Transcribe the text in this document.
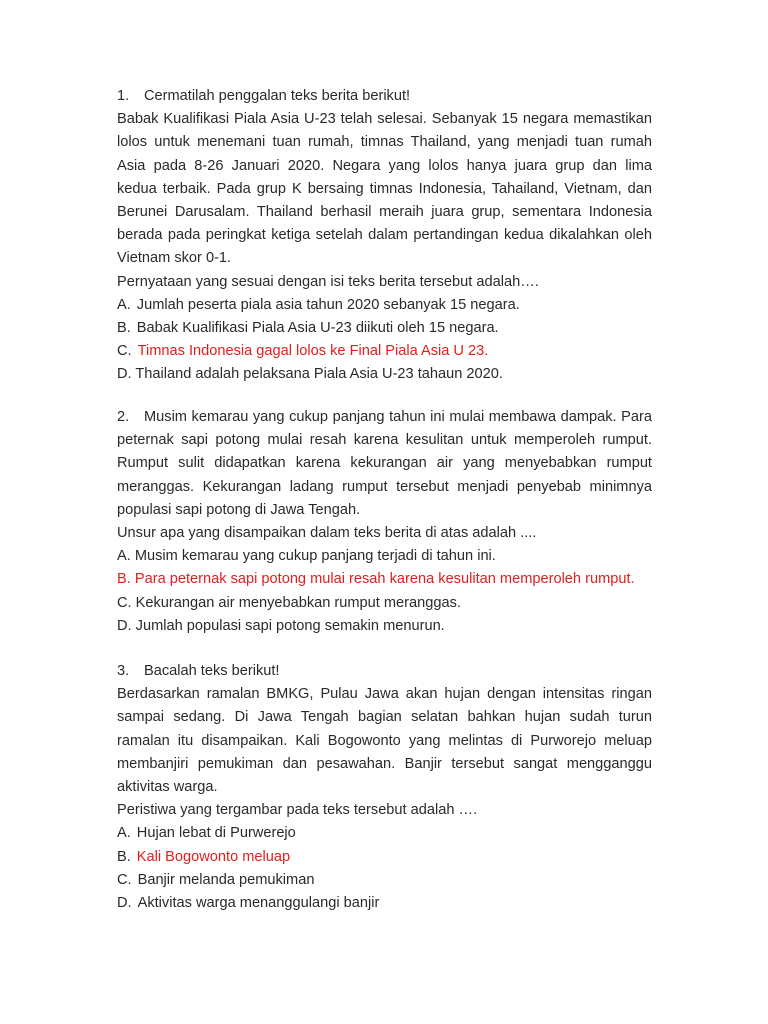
1. Cermatilah penggalan teks berita berikut!
Babak Kualifikasi Piala Asia U-23 telah selesai. Sebanyak 15 negara memastikan
lolos untuk menemani tuan rumah, timnas Thailand, yang menjadi tuan rumah
Asia pada 8-26 Januari 2020. Negara yang lolos hanya juara grup dan lima
kedua terbaik. Pada grup K bersaing timnas Indonesia, Tahailand, Vietnam, dan
Berunei Darusalam. Thailand berhasil meraih juara grup, sementara Indonesia
berada pada peringkat ketiga setelah dalam pertandingan kedua dikalahkan oleh
Vietnam skor 0-1.
Pernyataan yang sesuai dengan isi teks berita tersebut adalah….
A. Jumlah peserta piala asia tahun 2020 sebanyak 15 negara.
B. Babak Kualifikasi Piala Asia U-23 diikuti oleh 15 negara.
C. Timnas Indonesia gagal lolos ke Final Piala Asia U 23.
D. Thailand adalah pelaksana Piala Asia U-23 tahaun 2020.
2. Musim kemarau yang cukup panjang tahun ini mulai membawa dampak. Para
peternak sapi potong mulai resah karena kesulitan untuk memperoleh rumput.
Rumput sulit didapatkan karena kekurangan air yang menyebabkan rumput
meranggas. Kekurangan ladang rumput tersebut menjadi penyebab minimnya
populasi sapi potong di Jawa Tengah.
Unsur apa yang disampaikan dalam teks berita di atas adalah ....
A. Musim kemarau yang cukup panjang terjadi di tahun ini.
B. Para peternak sapi potong mulai resah karena kesulitan memperoleh rumput.
C. Kekurangan air menyebabkan rumput meranggas.
D. Jumlah populasi sapi potong semakin menurun.
3. Bacalah teks berikut!
Berdasarkan ramalan BMKG, Pulau Jawa akan hujan dengan intensitas ringan
sampai sedang. Di Jawa Tengah bagian selatan bahkan hujan sudah turun
ramalan itu disampaikan. Kali Bogowonto yang melintas di Purworejo meluap
membanjiri pemukiman dan pesawahan. Banjir tersebut sangat mengganggu
aktivitas warga.
Peristiwa yang tergambar pada teks tersebut adalah ….
A. Hujan lebat di Purwerejo
B. Kali Bogowonto meluap
C. Banjir melanda pemukiman
D. Aktivitas warga menanggulangi banjir
